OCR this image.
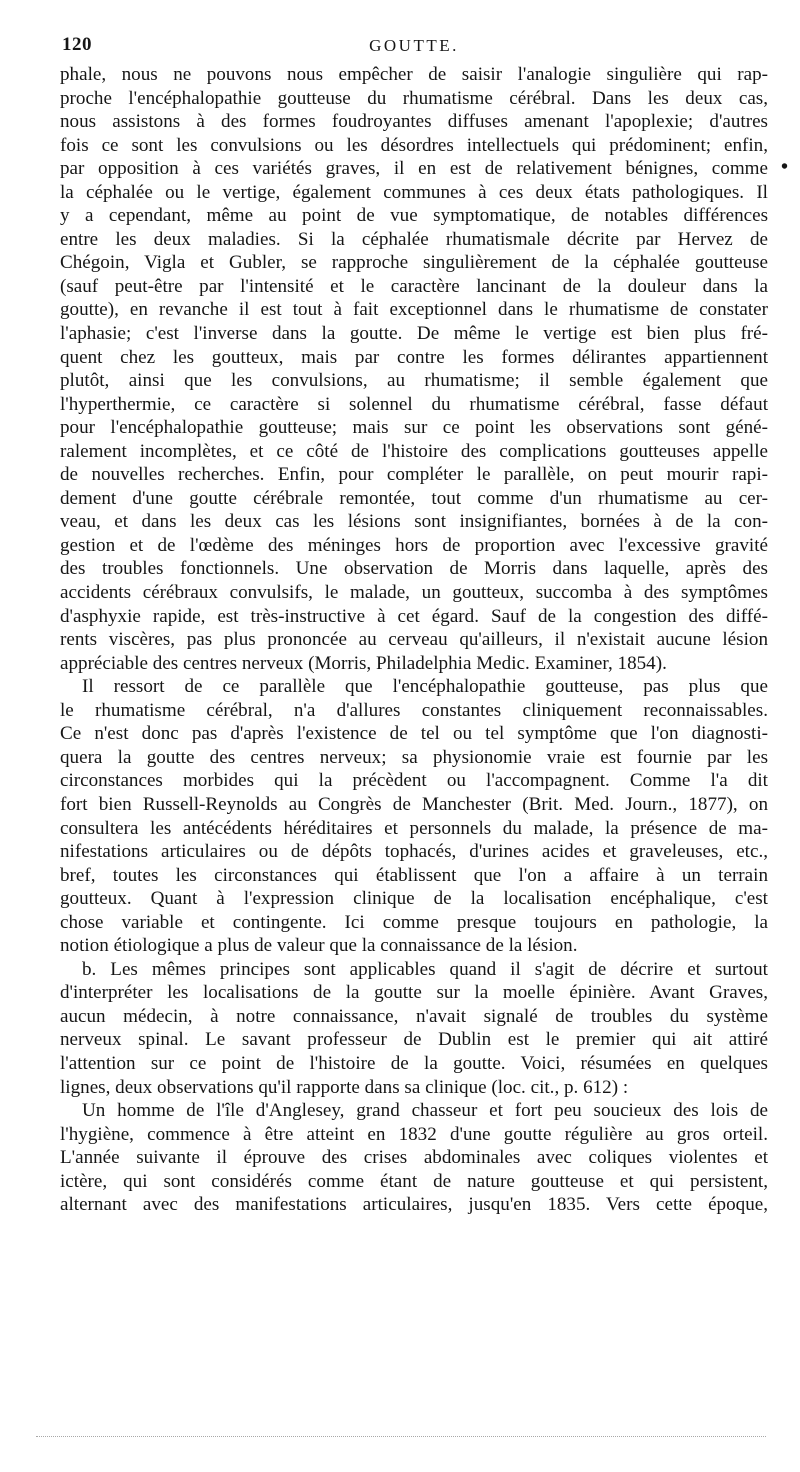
120	GOUTTE.
•
phale, nous ne pouvons nous empêcher de saisir l'analogie singulière qui rap-
proche l'encéphalopathie goutteuse du rhumatisme cérébral. Dans les deux cas,
nous assistons à des formes foudroyantes diffuses amenant l'apoplexie; d'autres
fois ce sont les convulsions ou les désordres intellectuels qui prédominent; enfin,
par opposition à ces variétés graves, il en est de relativement bénignes, comme
la céphalée ou le vertige, également communes à ces deux états pathologiques. Il
y a cependant, même au point de vue symptomatique, de notables différences
entre les deux maladies. Si la céphalée rhumatismale décrite par Hervez de
Chégoin, Vigla et Gubler, se rapproche singulièrement de la céphalée goutteuse
(sauf peut-être par l'intensité et le caractère lancinant de la douleur dans la
goutte), en revanche il est tout à fait exceptionnel dans le rhumatisme de constater
l'aphasie; c'est l'inverse dans la goutte. De même le vertige est bien plus fré-
quent chez les goutteux, mais par contre les formes délirantes appartiennent
plutôt, ainsi que les convulsions, au rhumatisme; il semble également que
l'hyperthermie, ce caractère si solennel du rhumatisme cérébral, fasse défaut
pour l'encéphalopathie goutteuse; mais sur ce point les observations sont géné-
ralement incomplètes, et ce côté de l'histoire des complications goutteuses appelle
de nouvelles recherches. Enfin, pour compléter le parallèle, on peut mourir rapi-
dement d'une goutte cérébrale remontée, tout comme d'un rhumatisme au cer-
veau, et dans les deux cas les lésions sont insignifiantes, bornées à de la con-
gestion et de l'œdème des méninges hors de proportion avec l'excessive gravité
des troubles fonctionnels. Une observation de Morris dans laquelle, après des
accidents cérébraux convulsifs, le malade, un goutteux, succomba à des symptômes
d'asphyxie rapide, est très-instructive à cet égard. Sauf de la congestion des diffé-
rents viscères, pas plus prononcée au cerveau qu'ailleurs, il n'existait aucune lésion
appréciable des centres nerveux (Morris, Philadelphia Medic. Examiner, 1854).
Il ressort de ce parallèle que l'encéphalopathie goutteuse, pas plus que
le rhumatisme cérébral, n'a d'allures constantes cliniquement reconnaissables.
Ce n'est donc pas d'après l'existence de tel ou tel symptôme que l'on diagnosti-
quera la goutte des centres nerveux; sa physionomie vraie est fournie par les
circonstances morbides qui la précèdent ou l'accompagnent. Comme l'a dit
fort bien Russell-Reynolds au Congrès de Manchester (Brit. Med. Journ., 1877), on
consultera les antécédents héréditaires et personnels du malade, la présence de ma-
nifestations articulaires ou de dépôts tophacés, d'urines acides et graveleuses, etc.,
bref, toutes les circonstances qui établissent que l'on a affaire à un terrain
goutteux. Quant à l'expression clinique de la localisation encéphalique, c'est
chose variable et contingente. Ici comme presque toujours en pathologie, la
notion étiologique a plus de valeur que la connaissance de la lésion.
b. Les mêmes principes sont applicables quand il s'agit de décrire et surtout
d'interpréter les localisations de la goutte sur la moelle épinière. Avant Graves,
aucun médecin, à notre connaissance, n'avait signalé de troubles du système
nerveux spinal. Le savant professeur de Dublin est le premier qui ait attiré
l'attention sur ce point de l'histoire de la goutte. Voici, résumées en quelques
lignes, deux observations qu'il rapporte dans sa clinique (loc. cit., p. 612) :
Un homme de l'île d'Anglesey, grand chasseur et fort peu soucieux des lois de
l'hygiène, commence à être atteint en 1832 d'une goutte régulière au gros orteil.
L'année suivante il éprouve des crises abdominales avec coliques violentes et
ictère, qui sont considérés comme étant de nature goutteuse et qui persistent,
alternant avec des manifestations articulaires, jusqu'en 1835. Vers cette époque,
